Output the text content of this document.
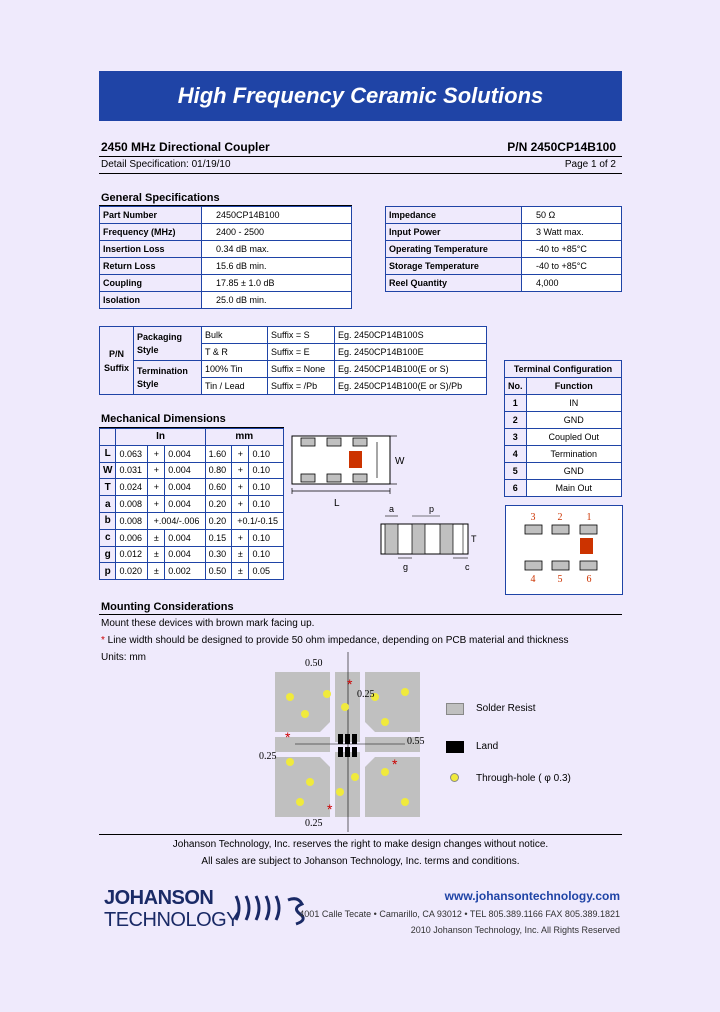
High Frequency Ceramic Solutions
2450 MHz Directional Coupler	P/N 2450CP14B100
Detail Specification: 01/19/10	Page 1 of 2
General Specifications
Part Number	2450CP14B100
Frequency (MHz)	2400 - 2500
Insertion Loss	0.34 dB max.
Return Loss	15.6 dB min.
Coupling	17.85 ± 1.0 dB
Isolation	25.0 dB min.
Impedance	50 Ω
Input Power	3 Watt max.
Operating Temperature	-40 to +85°C
Storage Temperature	-40 to +85°C
Reel Quantity	4,000
P/N Suffix	Packaging Style	Bulk	Suffix = S	Eg. 2450CP14B100S
		T & R	Suffix = E	Eg. 2450CP14B100E
	Termination Style	100% Tin	Suffix = None	Eg. 2450CP14B100(E or S)
		Tin / Lead	Suffix = /Pb	Eg. 2450CP14B100(E or S)/Pb
Terminal Configuration	
No.	Function
1	IN
2	GND
3	Coupled Out
4	Termination
5	GND
6	Main Out
3 2 1
4 5 6
Mechanical Dimensions
	In			mm		
L	0.063	+	0.004	1.60	+	0.10
W	0.031	+	0.004	0.80	+	0.10
T	0.024	+	0.004	0.60	+	0.10
a	0.008	+	0.004	0.20	+	0.10
b	0.008	+.004/-.006		0.20	+0.1/-0.15	
c	0.006	±	0.004	0.15	+	0.10
g	0.012	±	0.004	0.30	±	0.10
p	0.020	±	0.002	0.50	±	0.05
W
L	a	p
T
g	c
Mounting Considerations
Mount these devices with brown mark facing up.
* Line width should be designed to provide 50 ohm impedance, depending on PCB material and thickness
Units: mm
*
*
*
*
0.50
0.25
0.55
0.25
0.25
Solder Resist
Land
Through-hole ( φ 0.3)
Johanson Technology, Inc. reserves the right to make design changes without notice.
All sales are subject to Johanson Technology, Inc. terms and conditions.
JOHANSON
TECHNOLOGY
www.johansontechnology.com
4001 Calle Tecate • Camarillo, CA 93012 • TEL 805.389.1166 FAX 805.389.1821
2010 Johanson Technology, Inc. All Rights Reserved
